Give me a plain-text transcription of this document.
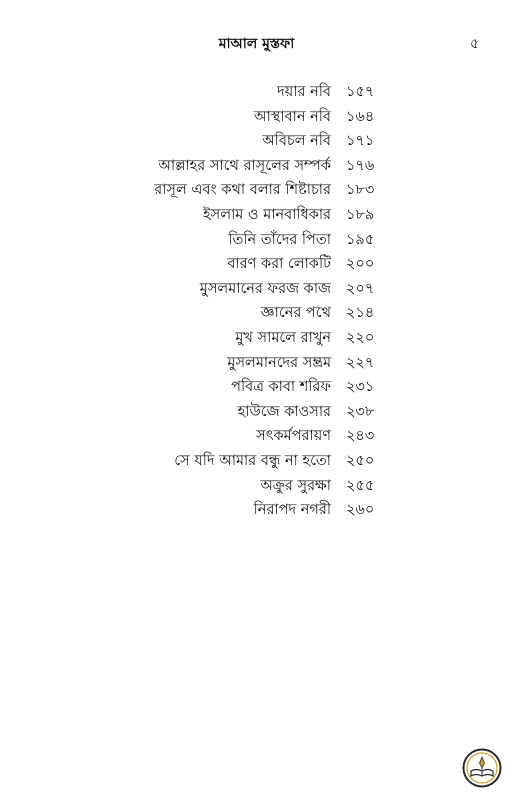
মাআল মুস্তফা	৫
দয়ার নবি ১৫৭
আস্থাবান নবি ১৬৪
অবিচল নবি ১৭১
আল্লাহর সাথে রাসূলের সম্পর্ক ১৭৬
রাসূল এবং কথা বলার শিষ্টাচার ১৮৩
ইসলাম ও মানবাধিকার ১৮৯
তিনি তাঁদের পিতা ১৯৫
বারণ করা লোকটি ২০০
মুসলমানের ফরজ কাজ ২০৭
জ্ঞানের পথে ২১৪
মুখ সামলে রাখুন ২২০
মুসলমানদের সম্ভ্রম ২২৭
পবিত্র কাবা শরিফ ২৩১
হাউজে কাওসার ২৩৮
সৎকর্মপরায়ণ ২৪৩
সে যদি আমার বন্ধু না হতো ২৫০
অক্রুর সুরক্ষা ২৫৫
নিরাপদ নগরী ২৬০
